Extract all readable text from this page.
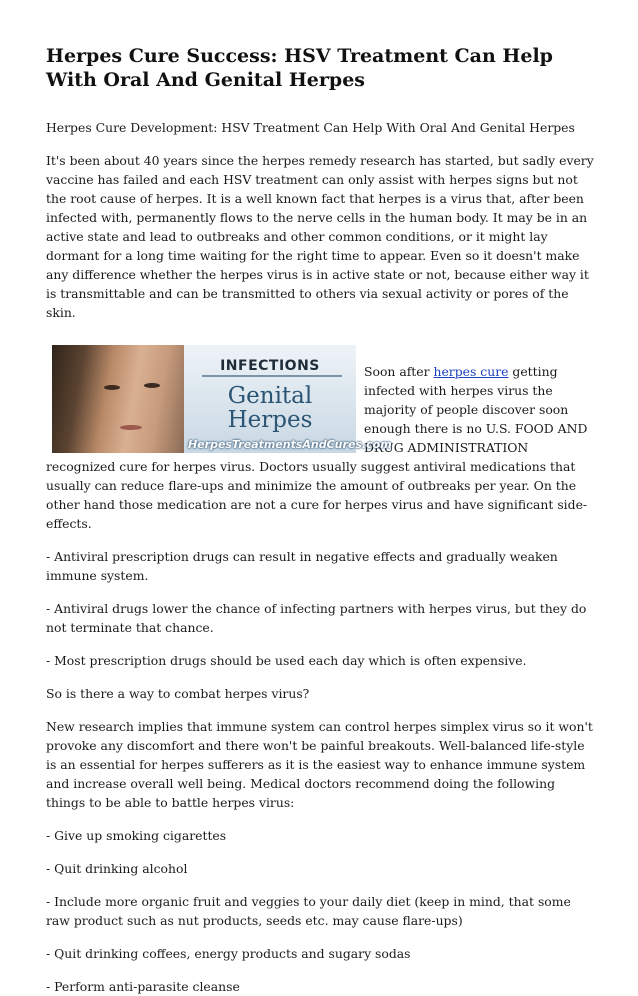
Herpes Cure Success: HSV Treatment Can Help With Oral And Genital Herpes

Herpes Cure Development: HSV Treatment Can Help With Oral And Genital Herpes

It's been about 40 years since the herpes remedy research has started, but sadly every vaccine has failed and each HSV treatment can only assist with herpes signs but not the root cause of herpes. It is a well known fact that herpes is a virus that, after been infected with, permanently flows to the nerve cells in the human body. It may be in an active state and lead to outbreaks and other common conditions, or it might lay dormant for a long time waiting for the right time to appear. Even so it doesn't make any difference whether the herpes virus is in active state or not, because either way it is transmittable and can be transmitted to others via sexual activity or pores of the skin.

INFECTIONS
Genital
Herpes
HerpesTreatmentsAndCures.com

Soon after herpes cure getting infected with herpes virus the majority of people discover soon enough there is no U.S. FOOD AND DRUG ADMINISTRATION recognized cure for herpes virus. Doctors usually suggest antiviral medications that usually can reduce flare-ups and minimize the amount of outbreaks per year. On the other hand those medication are not a cure for herpes virus and have significant side-effects.

- Antiviral prescription drugs can result in negative effects and gradually weaken immune system.

- Antiviral drugs lower the chance of infecting partners with herpes virus, but they do not terminate that chance.

- Most prescription drugs should be used each day which is often expensive.

So is there a way to combat herpes virus?

New research implies that immune system can control herpes simplex virus so it won't provoke any discomfort and there won't be painful breakouts. Well-balanced life-style is an essential for herpes sufferers as it is the easiest way to enhance immune system and increase overall well being. Medical doctors recommend doing the following things to be able to battle herpes virus:

- Give up smoking cigarettes

- Quit drinking alcohol

- Include more organic fruit and veggies to your daily diet (keep in mind, that some raw product such as nut products, seeds etc. may cause flare-ups)

- Quit drinking coffees, energy products and sugary sodas

- Perform anti-parasite cleanse
